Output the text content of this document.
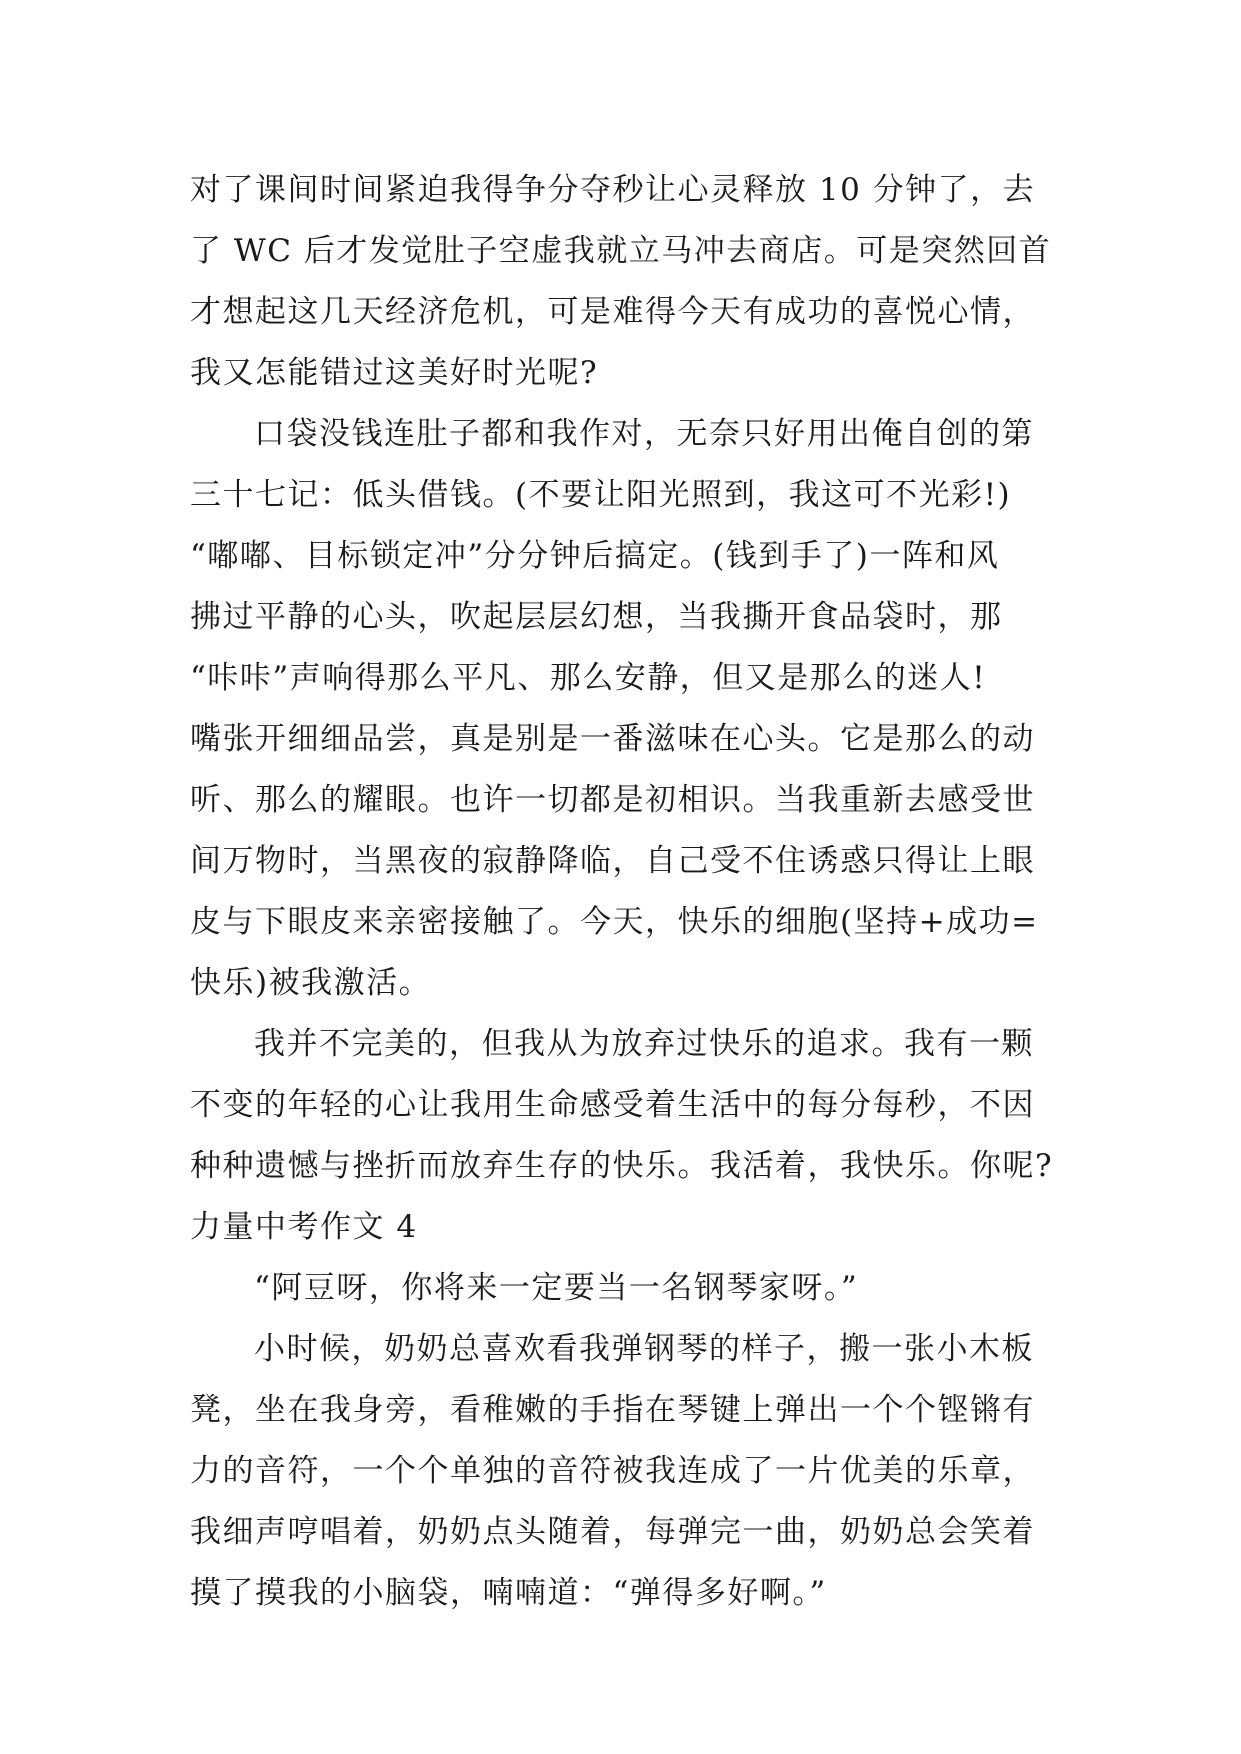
对了课间时间紧迫我得争分夺秒让心灵释放 10 分钟了，去
了 WC 后才发觉肚子空虚我就立马冲去商店。可是突然回首
才想起这几天经济危机，可是难得今天有成功的喜悦心情，
我又怎能错过这美好时光呢?
口袋没钱连肚子都和我作对，无奈只好用出俺自创的第
三十七记：低头借钱。(不要让阳光照到，我这可不光彩!)
“嘟嘟、目标锁定冲”分分钟后搞定。(钱到手了)一阵和风
拂过平静的心头，吹起层层幻想，当我撕开食品袋时，那
“咔咔”声响得那么平凡、那么安静，但又是那么的迷人!
嘴张开细细品尝，真是别是一番滋味在心头。它是那么的动
听、那么的耀眼。也许一切都是初相识。当我重新去感受世
间万物时，当黑夜的寂静降临，自己受不住诱惑只得让上眼
皮与下眼皮来亲密接触了。今天，快乐的细胞(坚持+成功=
快乐)被我激活。
我并不完美的，但我从为放弃过快乐的追求。我有一颗
不变的年轻的心让我用生命感受着生活中的每分每秒，不因
种种遗憾与挫折而放弃生存的快乐。我活着，我快乐。你呢?
力量中考作文 4
“阿豆呀，你将来一定要当一名钢琴家呀。”
小时候，奶奶总喜欢看我弹钢琴的样子，搬一张小木板
凳，坐在我身旁，看稚嫩的手指在琴键上弹出一个个铿锵有
力的音符，一个个单独的音符被我连成了一片优美的乐章，
我细声哼唱着，奶奶点头随着，每弹完一曲，奶奶总会笑着
摸了摸我的小脑袋，喃喃道：“弹得多好啊。”
